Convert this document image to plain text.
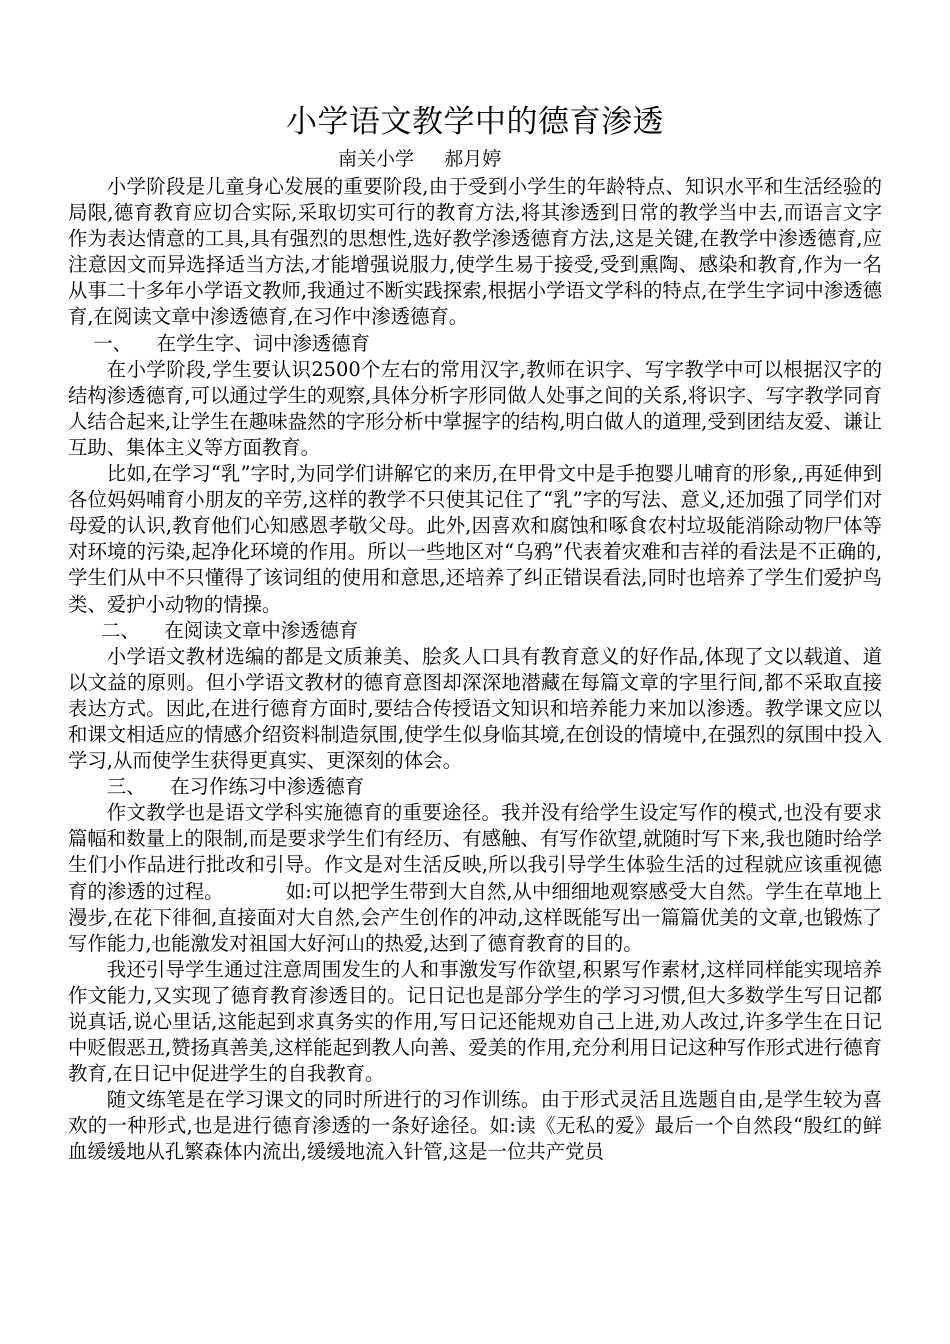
小学语文教学中的德育渗透
南关小学     郝月婷

小学阶段是儿童身心发展的重要阶段,由于受到小学生的年龄特点、知识水平和生活经验的局限,德育教育应切合实际,采取切实可行的教育方法,将其渗透到日常的教学当中去,而语言文字作为表达情意的工具,具有强烈的思想性,选好教学渗透德育方法,这是关键,在教学中渗透德育,应注意因文而异选择适当方法,才能增强说服力,使学生易于接受,受到熏陶、感染和教育,作为一名从事二十多年小学语文教师,我通过不断实践探索,根据小学语文学科的特点,在学生字词中渗透德育,在阅读文章中渗透德育,在习作中渗透德育。

一、    在学生字、词中渗透德育

在小学阶段,学生要认识2500个左右的常用汉字,教师在识字、写字教学中可以根据汉字的结构渗透德育,可以通过学生的观察,具体分析字形同做人处事之间的关系,将识字、写字教学同育人结合起来,让学生在趣味盎然的字形分析中掌握字的结构,明白做人的道理,受到团结友爱、谦让互助、集体主义等方面教育。

比如,在学习“乳”字时,为同学们讲解它的来历,在甲骨文中是手抱婴儿哺育的形象,,再延伸到各位妈妈哺育小朋友的辛劳,这样的教学不只使其记住了“乳”字的写法、意义,还加强了同学们对母爱的认识,教育他们心知感恩孝敬父母。此外,因喜欢和腐蚀和啄食农村垃圾能消除动物尸体等对环境的污染,起净化环境的作用。所以一些地区对“乌鸦”代表着灾难和吉祥的看法是不正确的,学生们从中不只懂得了该词组的使用和意思,还培养了纠正错误看法,同时也培养了学生们爱护鸟类、爱护小动物的情操。

二、    在阅读文章中渗透德育

小学语文教材选编的都是文质兼美、脍炙人口具有教育意义的好作品,体现了文以载道、道以文益的原则。但小学语文教材的德育意图却深深地潜藏在每篇文章的字里行间,都不采取直接表达方式。因此,在进行德育方面时,要结合传授语文知识和培养能力来加以渗透。教学课文应以和课文相适应的情感介绍资料制造氛围,使学生似身临其境,在创设的情境中,在强烈的氛围中投入学习,从而使学生获得更真实、更深刻的体会。

三、    在习作练习中渗透德育

作文教学也是语文学科实施德育的重要途径。我并没有给学生设定写作的模式,也没有要求篇幅和数量上的限制,而是要求学生们有经历、有感触、有写作欲望,就随时写下来,我也随时给学生们小作品进行批改和引导。作文是对生活反映,所以我引导学生体验生活的过程就应该重视德育的渗透的过程。          如:可以把学生带到大自然,从中细细地观察感受大自然。学生在草地上漫步,在花下徘徊,直接面对大自然,会产生创作的冲动,这样既能写出一篇篇优美的文章,也锻炼了写作能力,也能激发对祖国大好河山的热爱,达到了德育教育的目的。

我还引导学生通过注意周围发生的人和事激发写作欲望,积累写作素材,这样同样能实现培养作文能力,又实现了德育教育渗透目的。记日记也是部分学生的学习习惯,但大多数学生写日记都说真话,说心里话,这能起到求真务实的作用,写日记还能规劝自己上进,劝人改过,许多学生在日记中贬假恶丑,赞扬真善美,这样能起到教人向善、爱美的作用,充分利用日记这种写作形式进行德育教育,在日记中促进学生的自我教育。

随文练笔是在学习课文的同时所进行的习作训练。由于形式灵活且选题自由,是学生较为喜欢的一种形式,也是进行德育渗透的一条好途径。如:读《无私的爱》最后一个自然段“殷红的鲜血缓缓地从孔繁森体内流出,缓缓地流入针管,这是一位共产党员
